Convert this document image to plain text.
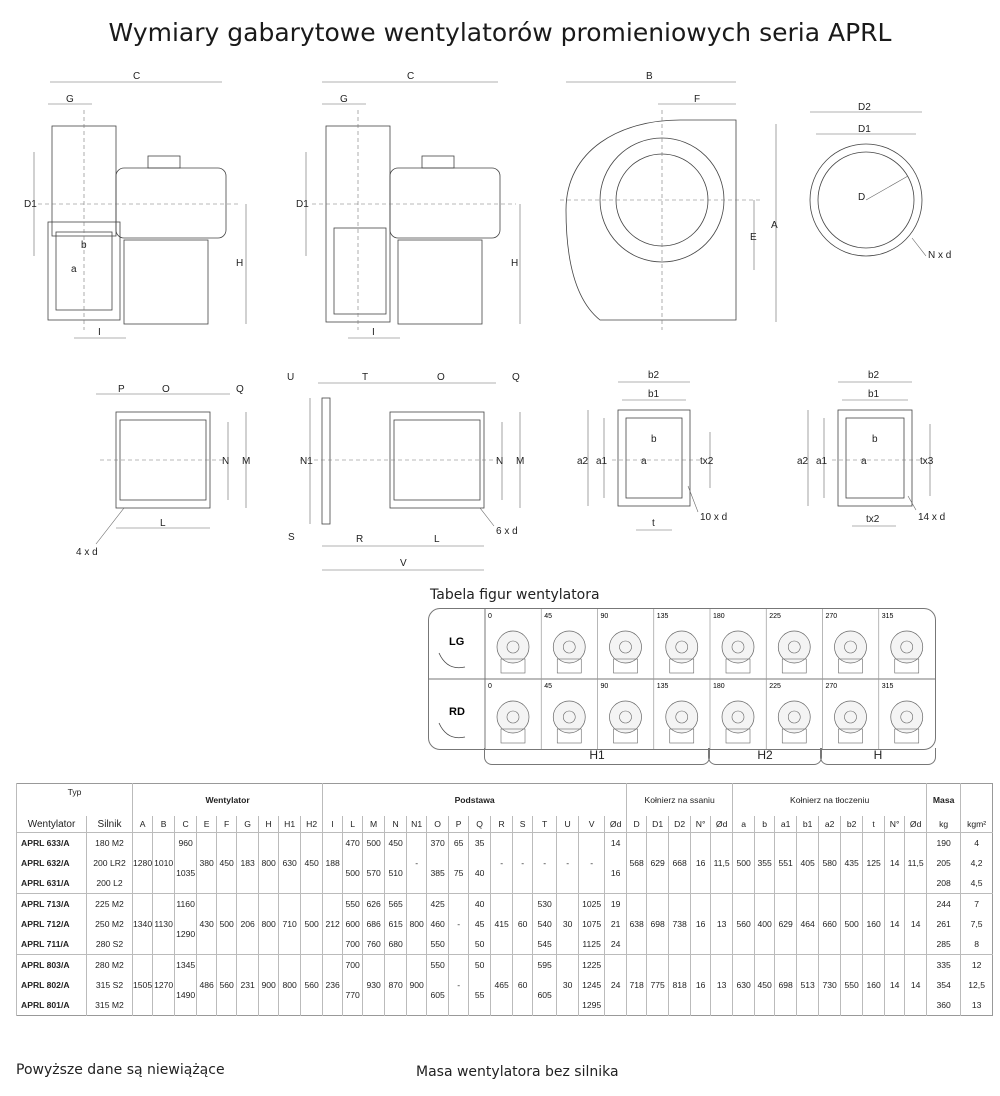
Wymiary gabarytowe wentylatorów promieniowych seria APRL
C
G
D1
b
a
H
I
C
G
D1
H
I
B
F
E
A
D2
D1
D
N x d
P	O	Q
N M
L
4 x d
U	T	O	Q
N1	N M
S	R	L
V
6 x d
b2
b1
b
a
a2 a1	tx2
t
10 x d
b2
b1
b
a
a2 a1	tx3
tx2	14 x d
Tabela figur wentylatora
LG
0	45	90	135	180	225	270	315
RD
0	45	90	135	180	225	270	315
H1	H2	H
Typ		Wentylator									Podstawa														Kołnierz na ssaniu					Kołnierz na tłoczeniu									Masa	

Wentylator	Silnik	A	B	C	E	F	G	H	H1	H2	I	L	M	N	N1	O	P	Q	R	S	T	U	V	Ød	D	D1	D2	N°	Ød	a	b	a1	b1	a2	b2	t	N°	Ød	kg	kgm²
APRL 633/A	180 M2	1280	1010	960	380	450	183	800	630	450	188	470	500	450	-	370	65	35	-	-	-	-	-	14	568	629	668	16	11,5	500	355	551	405	580	435	125	14	11,5	190	4
APRL 632/A	200 LR2			1035								500	570	510		385	75	40						16															205	4,2
APRL 631/A	200 L2																																						208	4,5
APRL 713/A	225 M2	1340	1130	1160	430	500	206	800	710	500	212	550	626	565	800	425	-	40	415	60	530	30	1025	19	638	698	738	16	13	560	400	629	464	660	500	160	14	14	244	7
APRL 712/A	250 M2			1290								600	686	615		460		45			540		1075	21															261	7,5
APRL 711/A	280 S2											700	760	680		550		50			545		1125	24															285	8
APRL 803/A	280 M2	1505	1270	1345	486	560	231	900	800	560	236	700	930	870	900	550	-	50	465	60	595	30	1225	24	718	775	818	16	13	630	450	698	513	730	550	160	14	14	335	12
APRL 802/A	315 S2			1490								770				605		55			605		1245																354	12,5
APRL 801/A	315 M2																						1295																360	13
Powyższe dane są niewiążące	Masa wentylatora bez silnika
